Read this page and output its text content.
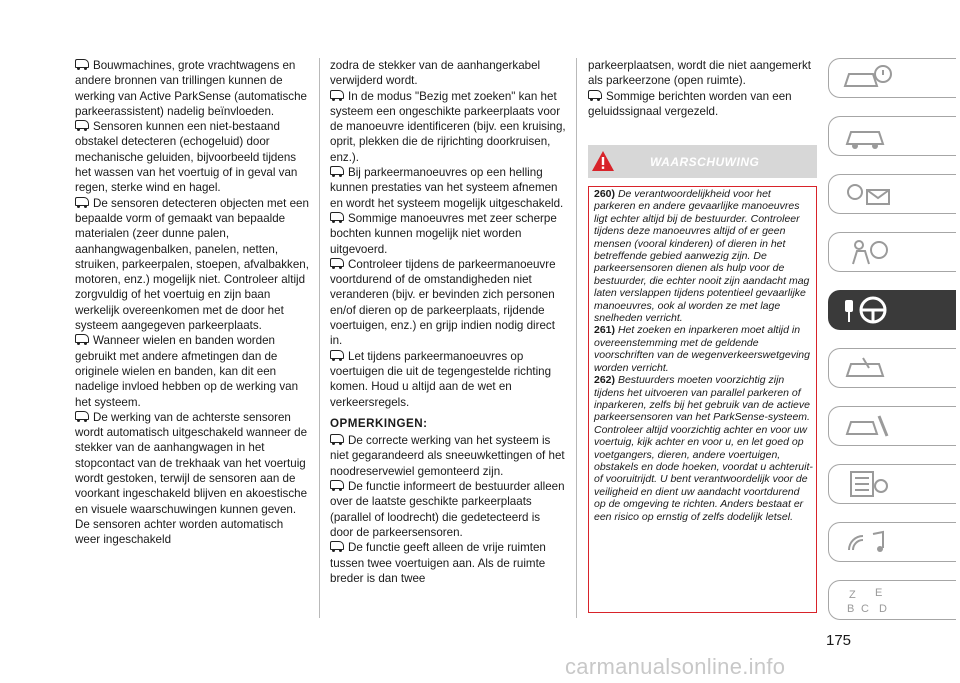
Bouwmachines, grote vrachtwagens en andere bronnen van trillingen kunnen de werking van Active ParkSense (automatische parkeerassistent) nadelig beïnvloeden.

Sensoren kunnen een niet-bestaand obstakel detecteren (echogeluid) door mechanische geluiden, bijvoorbeeld tijdens het wassen van het voertuig of in geval van regen, sterke wind en hagel.

De sensoren detecteren objecten met een bepaalde vorm of gemaakt van bepaalde materialen (zeer dunne palen, aanhangwagenbalken, panelen, netten, struiken, parkeerpalen, stoepen, afvalbakken, motoren, enz.) mogelijk niet. Controleer altijd zorgvuldig of het voertuig en zijn baan werkelijk overeenkomen met de door het systeem aangegeven parkeerplaats.

Wanneer wielen en banden worden gebruikt met andere afmetingen dan de originele wielen en banden, kan dit een nadelige invloed hebben op de werking van het systeem.

De werking van de achterste sensoren wordt automatisch uitgeschakeld wanneer de stekker van de aanhangwagen in het stopcontact van de trekhaak van het voertuig wordt gestoken, terwijl de sensoren aan de voorkant ingeschakeld blijven en akoestische en visuele waarschuwingen kunnen geven. De sensoren achter worden automatisch weer ingeschakeld

zodra de stekker van de aanhangerkabel verwijderd wordt.

In de modus "Bezig met zoeken" kan het systeem een ongeschikte parkeerplaats voor de manoeuvre identificeren (bijv. een kruising, oprit, plekken die de rijrichting doorkruisen, enz.).

Bij parkeermanoeuvres op een helling kunnen prestaties van het systeem afnemen en wordt het systeem mogelijk uitgeschakeld.

Sommige manoeuvres met zeer scherpe bochten kunnen mogelijk niet worden uitgevoerd.

Controleer tijdens de parkeermanoeuvre voortdurend of de omstandigheden niet veranderen (bijv. er bevinden zich personen en/of dieren op de parkeerplaats, rijdende voertuigen, enz.) en grijp indien nodig direct in.

Let tijdens parkeermanoeuvres op voertuigen die uit de tegengestelde richting komen. Houd u altijd aan de wet en verkeersregels.

OPMERKINGEN:

De correcte werking van het systeem is niet gegarandeerd als sneeuwkettingen of het noodreservewiel gemonteerd zijn.

De functie informeert de bestuurder alleen over de laatste geschikte parkeerplaats (parallel of loodrecht) die gedetecteerd is door de parkeersensoren.

De functie geeft alleen de vrije ruimten tussen twee voertuigen aan. Als de ruimte breder is dan twee

parkeerplaatsen, wordt die niet aangemerkt als parkeerzone (open ruimte).

Sommige berichten worden van een geluidssignaal vergezeld.

WAARSCHUWING

260) De verantwoordelijkheid voor het parkeren en andere gevaarlijke manoeuvres ligt echter altijd bij de bestuurder. Controleer tijdens deze manoeuvres altijd of er geen mensen (vooral kinderen) of dieren in het betreffende gebied aanwezig zijn. De parkeersensoren dienen als hulp voor de bestuurder, die echter nooit zijn aandacht mag laten verslappen tijdens potentieel gevaarlijke manoeuvres, ook al worden ze met lage snelheden verricht.

261) Het zoeken en inparkeren moet altijd in overeenstemming met de geldende voorschriften van de wegenverkeerswetgeving worden verricht.

262) Bestuurders moeten voorzichtig zijn tijdens het uitvoeren van parallel parkeren of inparkeren, zelfs bij het gebruik van de actieve parkeersensoren van het ParkSense-systeem. Controleer altijd voorzichtig achter en voor uw voertuig, kijk achter en voor u, en let goed op voetgangers, dieren, andere voertuigen, obstakels en dode hoeken, voordat u achteruit- of vooruitrijdt. U bent verantwoordelijk voor de veiligheid en dient uw aandacht voortdurend op de omgeving te richten. Anders bestaat er een risico op ernstig of zelfs dodelijk letsel.

Z E
B C D
175
carmanualsonline.info
